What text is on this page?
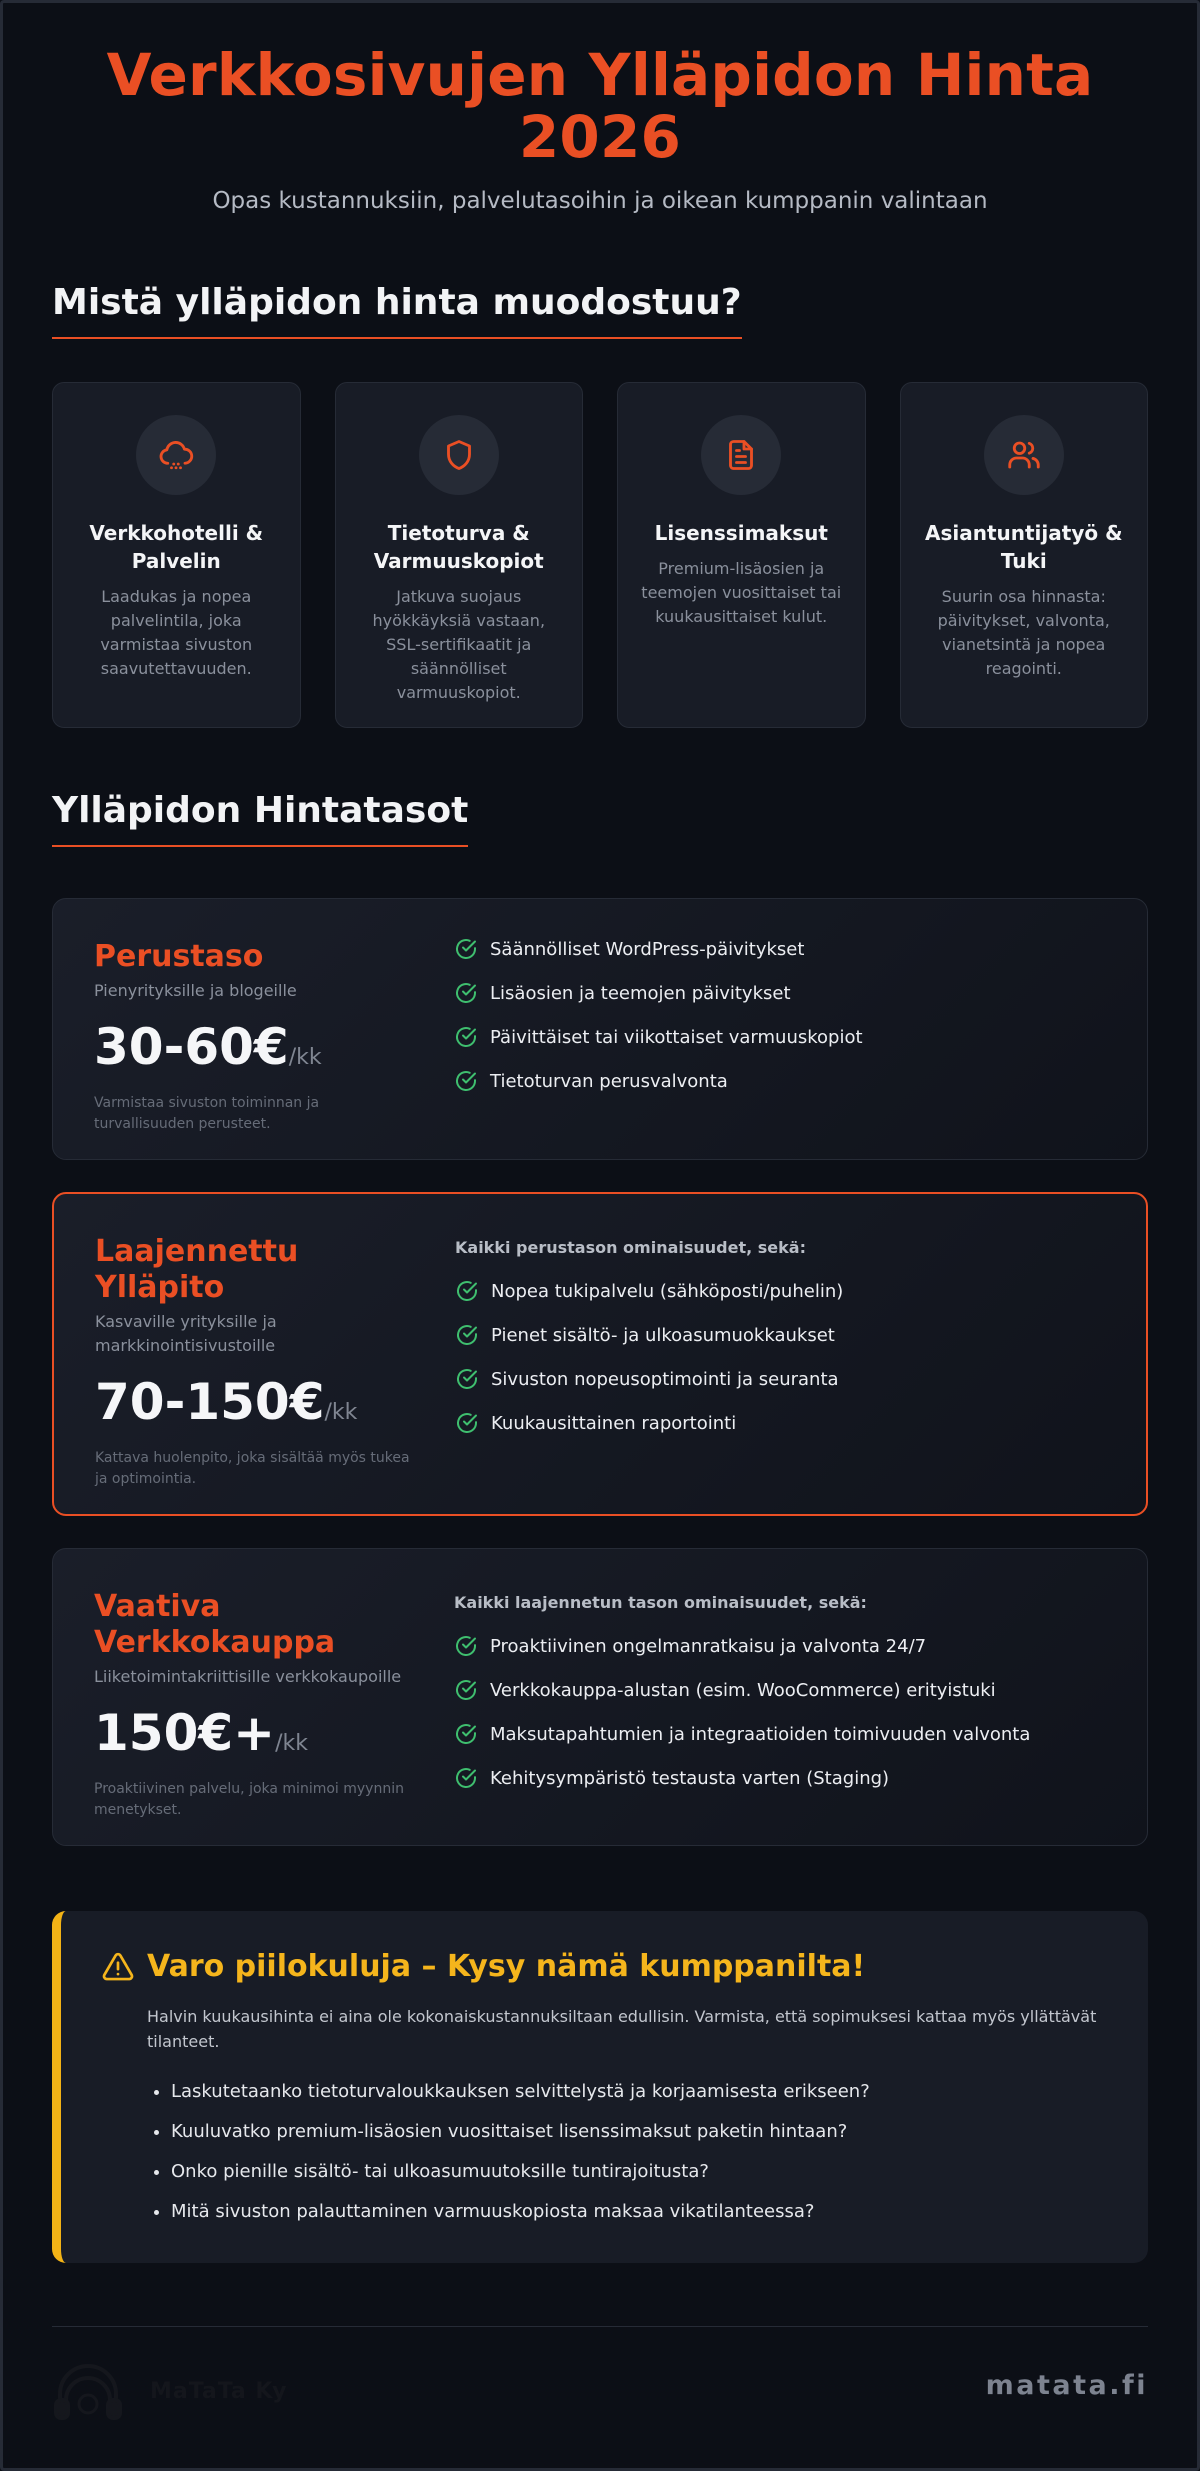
Verkkosivujen Ylläpidon Hinta
2026
Opas kustannuksiin, palvelutasoihin ja oikean kumppanin valintaan
Mistä ylläpidon hinta muodostuu?
Verkkohotelli & Palvelin

Laadukas ja nopea palvelintila, joka varmistaa sivuston saavutettavuuden.

Tietoturva & Varmuuskopiot

Jatkuva suojaus hyökkäyksiä vastaan, SSL-sertifikaatit ja säännölliset varmuuskopiot.

Lisenssimaksut

Premium-lisäosien ja teemojen vuosittaiset tai kuukausittaiset kulut.

Asiantuntijatyö & Tuki

Suurin osa hinnasta: päivitykset, valvonta, vianetsintä ja nopea reagointi.

Ylläpidon Hintatasot
Perustaso
Pienyrityksille ja blogeille
30-60€ /kk
Varmistaa sivuston toiminnan ja turvallisuuden perusteet.
Säännölliset WordPress-päivitykset
Lisäosien ja teemojen päivitykset
Päivittäiset tai viikottaiset varmuuskopiot
Tietoturvan perusvalvonta
Laajennettu Ylläpito
Kasvaville yrityksille ja markkinointisivustoille
70-150€ /kk
Kattava huolenpito, joka sisältää myös tukea ja optimointia.
Kaikki perustason ominaisuudet, sekä:
Nopea tukipalvelu (sähköposti/puhelin)
Pienet sisältö- ja ulkoasumuokkaukset
Sivuston nopeusoptimointi ja seuranta
Kuukausittainen raportointi
Vaativa Verkkokauppa
Liiketoimintakriittisille verkkokaupoille
150€+ /kk
Proaktiivinen palvelu, joka minimoi myynnin menetykset.
Kaikki laajennetun tason ominaisuudet, sekä:
Proaktiivinen ongelmanratkaisu ja valvonta 24/7
Verkkokauppa-alustan (esim. WooCommerce) erityistuki
Maksutapahtumien ja integraatioiden toimivuuden valvonta
Kehitysympäristö testausta varten (Staging)
Varo piilokuluja – Kysy nämä kumppanilta!

Halvin kuukausihinta ei aina ole kokonaiskustannuksiltaan edullisin. Varmista, että sopimuksesi kattaa myös yllättävät tilanteet.

• Laskutetaanko tietoturvaloukkauksen selvittelystä ja korjaamisesta erikseen?
• Kuuluvatko premium-lisäosien vuosittaiset lisenssimaksut paketin hintaan?
• Onko pienille sisältö- tai ulkoasumuutoksille tuntirajoitusta?
• Mitä sivuston palauttaminen varmuuskopiosta maksaa vikatilanteessa?
MaTaTa Ky	matata.fi
